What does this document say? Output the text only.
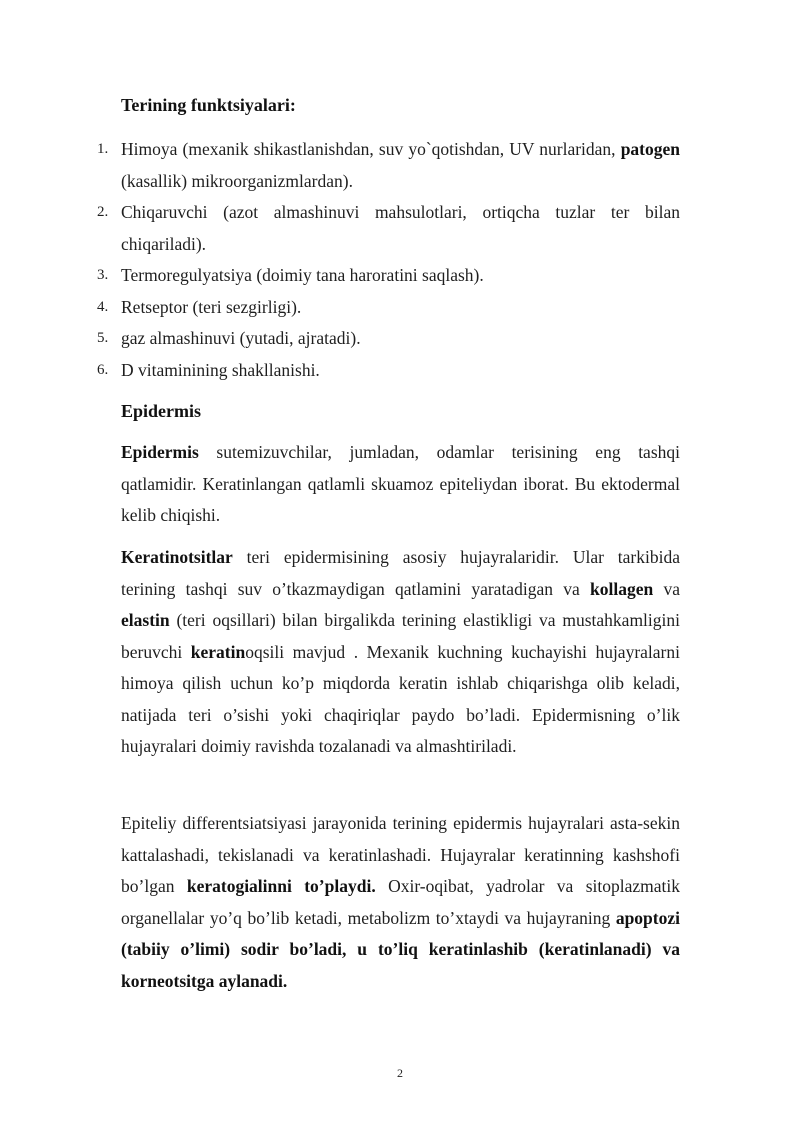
Terining funktsiyalari:
1. Himoya (mexanik shikastlanishdan, suv yo`qotishdan, UV nurlaridan, patogen (kasallik) mikroorganizmlardan).
2. Chiqaruvchi (azot almashinuvi mahsulotlari, ortiqcha tuzlar ter bilan chiqariladi).
3. Termoregulyatsiya (doimiy tana haroratini saqlash).
4. Retseptor (teri sezgirligi).
5. gaz almashinuvi (yutadi, ajratadi).
6. D vitaminining shakllanishi.
Epidermis

Epidermis sutemizuvchilar, jumladan, odamlar terisining eng tashqi qatlamidir. Keratinlangan qatlamli skuamoz epiteliydan iborat. Bu ektodermal kelib chiqishi.

Keratinotsitlar teri epidermisining asosiy hujayralaridir. Ular tarkibida terining tashqi suv o’tkazmaydigan qatlamini yaratadigan va kollagen va elastin (teri oqsillari) bilan birgalikda terining elastikligi va mustahkamligini beruvchi keratinoqsili mavjud . Mexanik kuchning kuchayishi hujayralarni himoya qilish uchun ko’p miqdorda keratin ishlab chiqarishga olib keladi, natijada teri o’sishi yoki chaqiriqlar paydo bo’ladi. Epidermisning o’lik hujayralari doimiy ravishda tozalanadi va almashtiriladi.

Epiteliy differentsiatsiyasi jarayonida terining epidermis hujayralari asta-sekin kattalashadi, tekislanadi va keratinlashadi. Hujayralar keratinning kashshofi bo’lgan keratogialinni to’playdi. Oxir-oqibat, yadrolar va sitoplazmatik organellalar yo’q bo’lib ketadi, metabolizm to’xtaydi va hujayraning apoptozi (tabiiy o’limi) sodir bo’ladi, u to’liq keratinlashib (keratinlanadi) va korneotsitga aylanadi.

2
